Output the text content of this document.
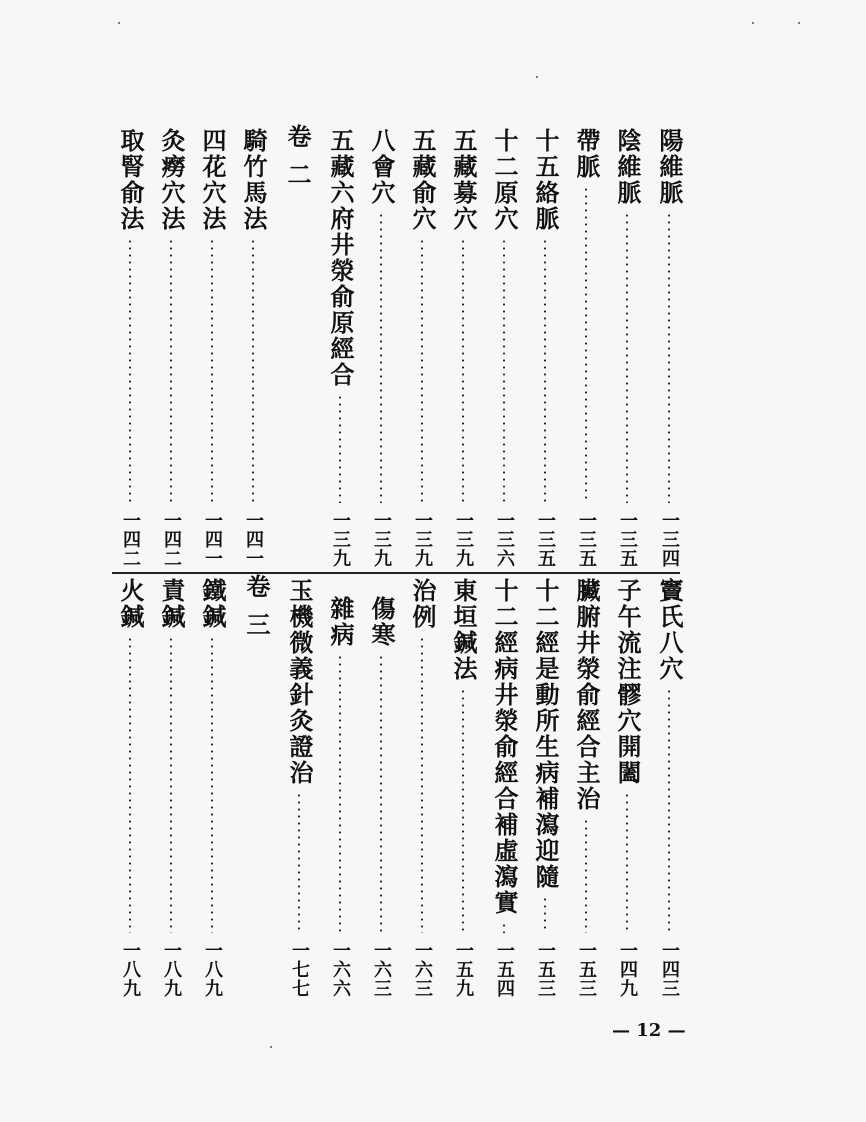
陽維脈
一三四
陰維脈
一三五
帶脈
一三五
十五絡脈
一三五
十二原穴
一三六
五藏募穴
一三九
五藏俞穴
一三九
八會穴
一三九
五藏六府井滎俞原經合
一三九
卷二
騎竹馬法
一四一
四花穴法
一四一
灸癆穴法
一四二
取腎俞法
一四二
竇氏八穴
一四三
子午流注髎穴開闔
一四九
臟腑井滎俞經合主治
一五三
十二經是動所生病補瀉迎隨
一五三
十二經病井滎俞經合補虛瀉實
一五四
東垣鍼法
一五九
治例
一六三
傷寒
一六三
雜病
一六六
玉機微義針灸證治
一七七
卷三
鐵鍼
一八九
責鍼
一八九
火鍼
一八九
— 12 —
